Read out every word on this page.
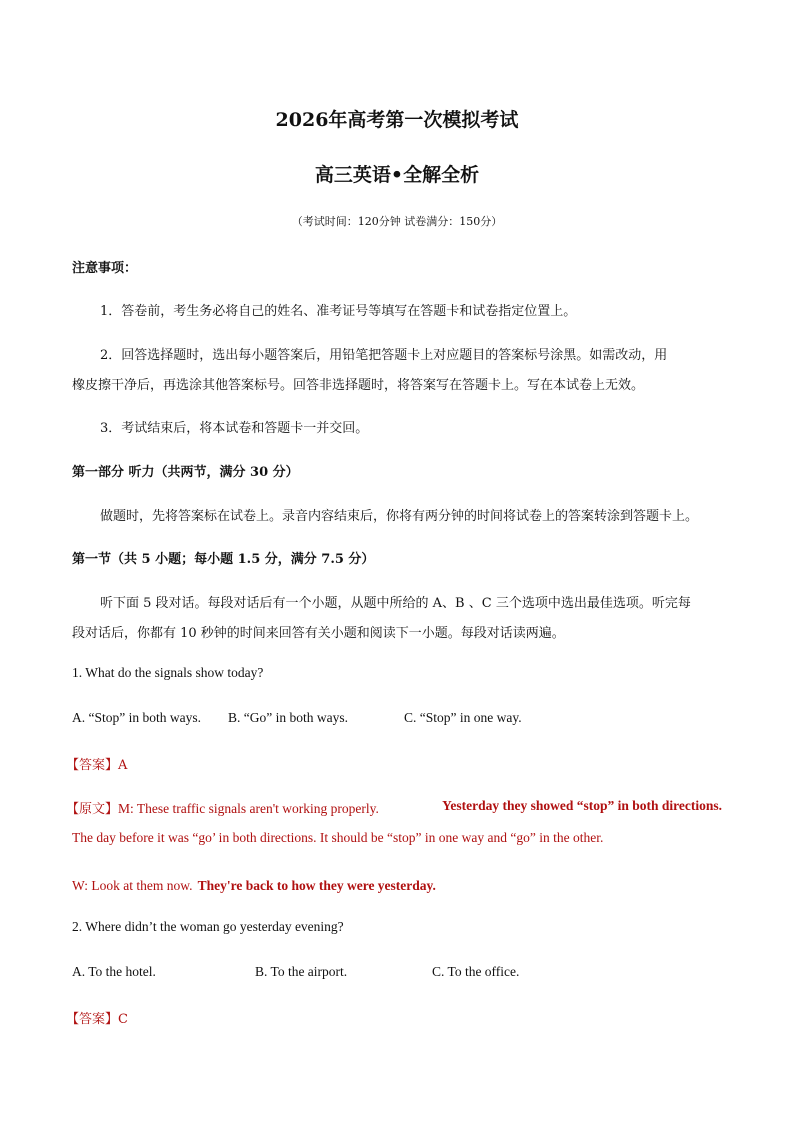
2026年高考第一次模拟考试
高三英语•全解全析
（考试时间：120分钟 试卷满分：150分）
注意事项：
1．答卷前，考生务必将自己的姓名、准考证号等填写在答题卡和试卷指定位置上。
2．回答选择题时，选出每小题答案后，用铅笔把答题卡上对应题目的答案标号涂黑。如需改动，用
橡皮擦干净后，再选涂其他答案标号。回答非选择题时，将答案写在答题卡上。写在本试卷上无效。
3．考试结束后，将本试卷和答题卡一并交回。
第一部分 听力（共两节，满分 30 分）
做题时，先将答案标在试卷上。录音内容结束后，你将有两分钟的时间将试卷上的答案转涂到答题卡上。
第一节（共 5 小题；每小题 1.5 分，满分 7.5 分）
听下面 5 段对话。每段对话后有一个小题，从题中所给的 A、B 、C 三个选项中选出最佳选项。听完每
段对话后，你都有 10 秒钟的时间来回答有关小题和阅读下一小题。每段对话读两遍。
1. What do the signals show today?
A. “Stop” in both ways. B. “Go” in both ways.	C. “Stop” in one way.
【答案】A
【原文】M: These traffic signals aren't working properly.	Yesterday they showed “stop” in both directions.
The day before it was “go’ in both directions. It should be “stop” in one way and “go” in the other.
W: Look at them now. They're back to how they were yesterday.
2. Where didn’t the woman go yesterday evening?
A. To the hotel.	B. To the airport.	C. To the office.
【答案】C
